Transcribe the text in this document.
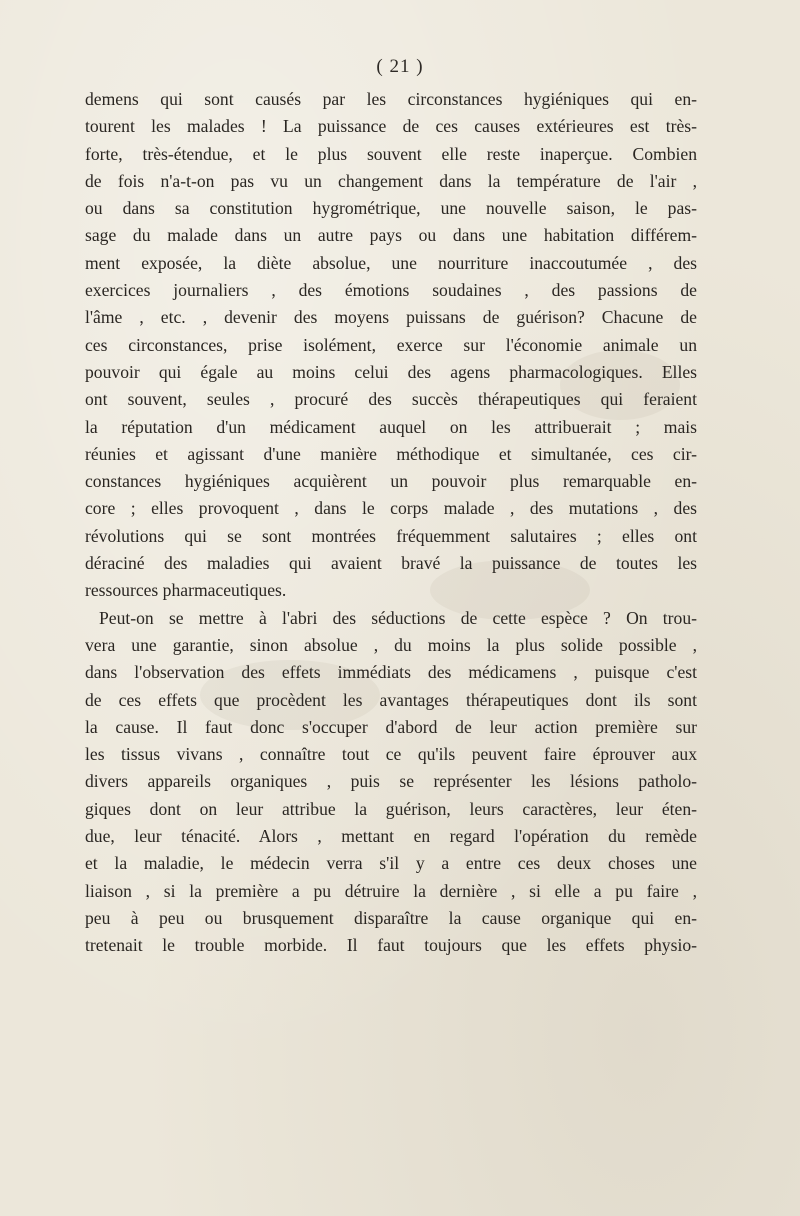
( 21 )
demens qui sont causés par les circonstances hygiéniques qui en-
tourent les malades ! La puissance de ces causes extérieures est très-
forte, très-étendue, et le plus souvent elle reste inaperçue. Combien
de fois n'a-t-on pas vu un changement dans la température de l'air ,
ou dans sa constitution hygrométrique, une nouvelle saison, le pas-
sage du malade dans un autre pays ou dans une habitation différem-
ment exposée, la diète absolue, une nourriture inaccoutumée , des
exercices journaliers , des émotions soudaines , des passions de
l'âme , etc. , devenir des moyens puissans de guérison? Chacune de
ces circonstances, prise isolément, exerce sur l'économie animale un
pouvoir qui égale au moins celui des agens pharmacologiques. Elles
ont souvent, seules , procuré des succès thérapeutiques qui feraient
la réputation d'un médicament auquel on les attribuerait ; mais
réunies et agissant d'une manière méthodique et simultanée, ces cir-
constances hygiéniques acquièrent un pouvoir plus remarquable en-
core ; elles provoquent , dans le corps malade , des mutations , des
révolutions qui se sont montrées fréquemment salutaires ; elles ont
déraciné des maladies qui avaient bravé la puissance de toutes les
ressources pharmaceutiques.
Peut-on se mettre à l'abri des séductions de cette espèce ? On trou-
vera une garantie, sinon absolue , du moins la plus solide possible ,
dans l'observation des effets immédiats des médicamens , puisque c'est
de ces effets que procèdent les avantages thérapeutiques dont ils sont
la cause. Il faut donc s'occuper d'abord de leur action première sur
les tissus vivans , connaître tout ce qu'ils peuvent faire éprouver aux
divers appareils organiques , puis se représenter les lésions patholo-
giques dont on leur attribue la guérison, leurs caractères, leur éten-
due, leur ténacité. Alors , mettant en regard l'opération du remède
et la maladie, le médecin verra s'il y a entre ces deux choses une
liaison , si la première a pu détruire la dernière , si elle a pu faire ,
peu à peu ou brusquement disparaître la cause organique qui en-
tretenait le trouble morbide. Il faut toujours que les effets physio-
